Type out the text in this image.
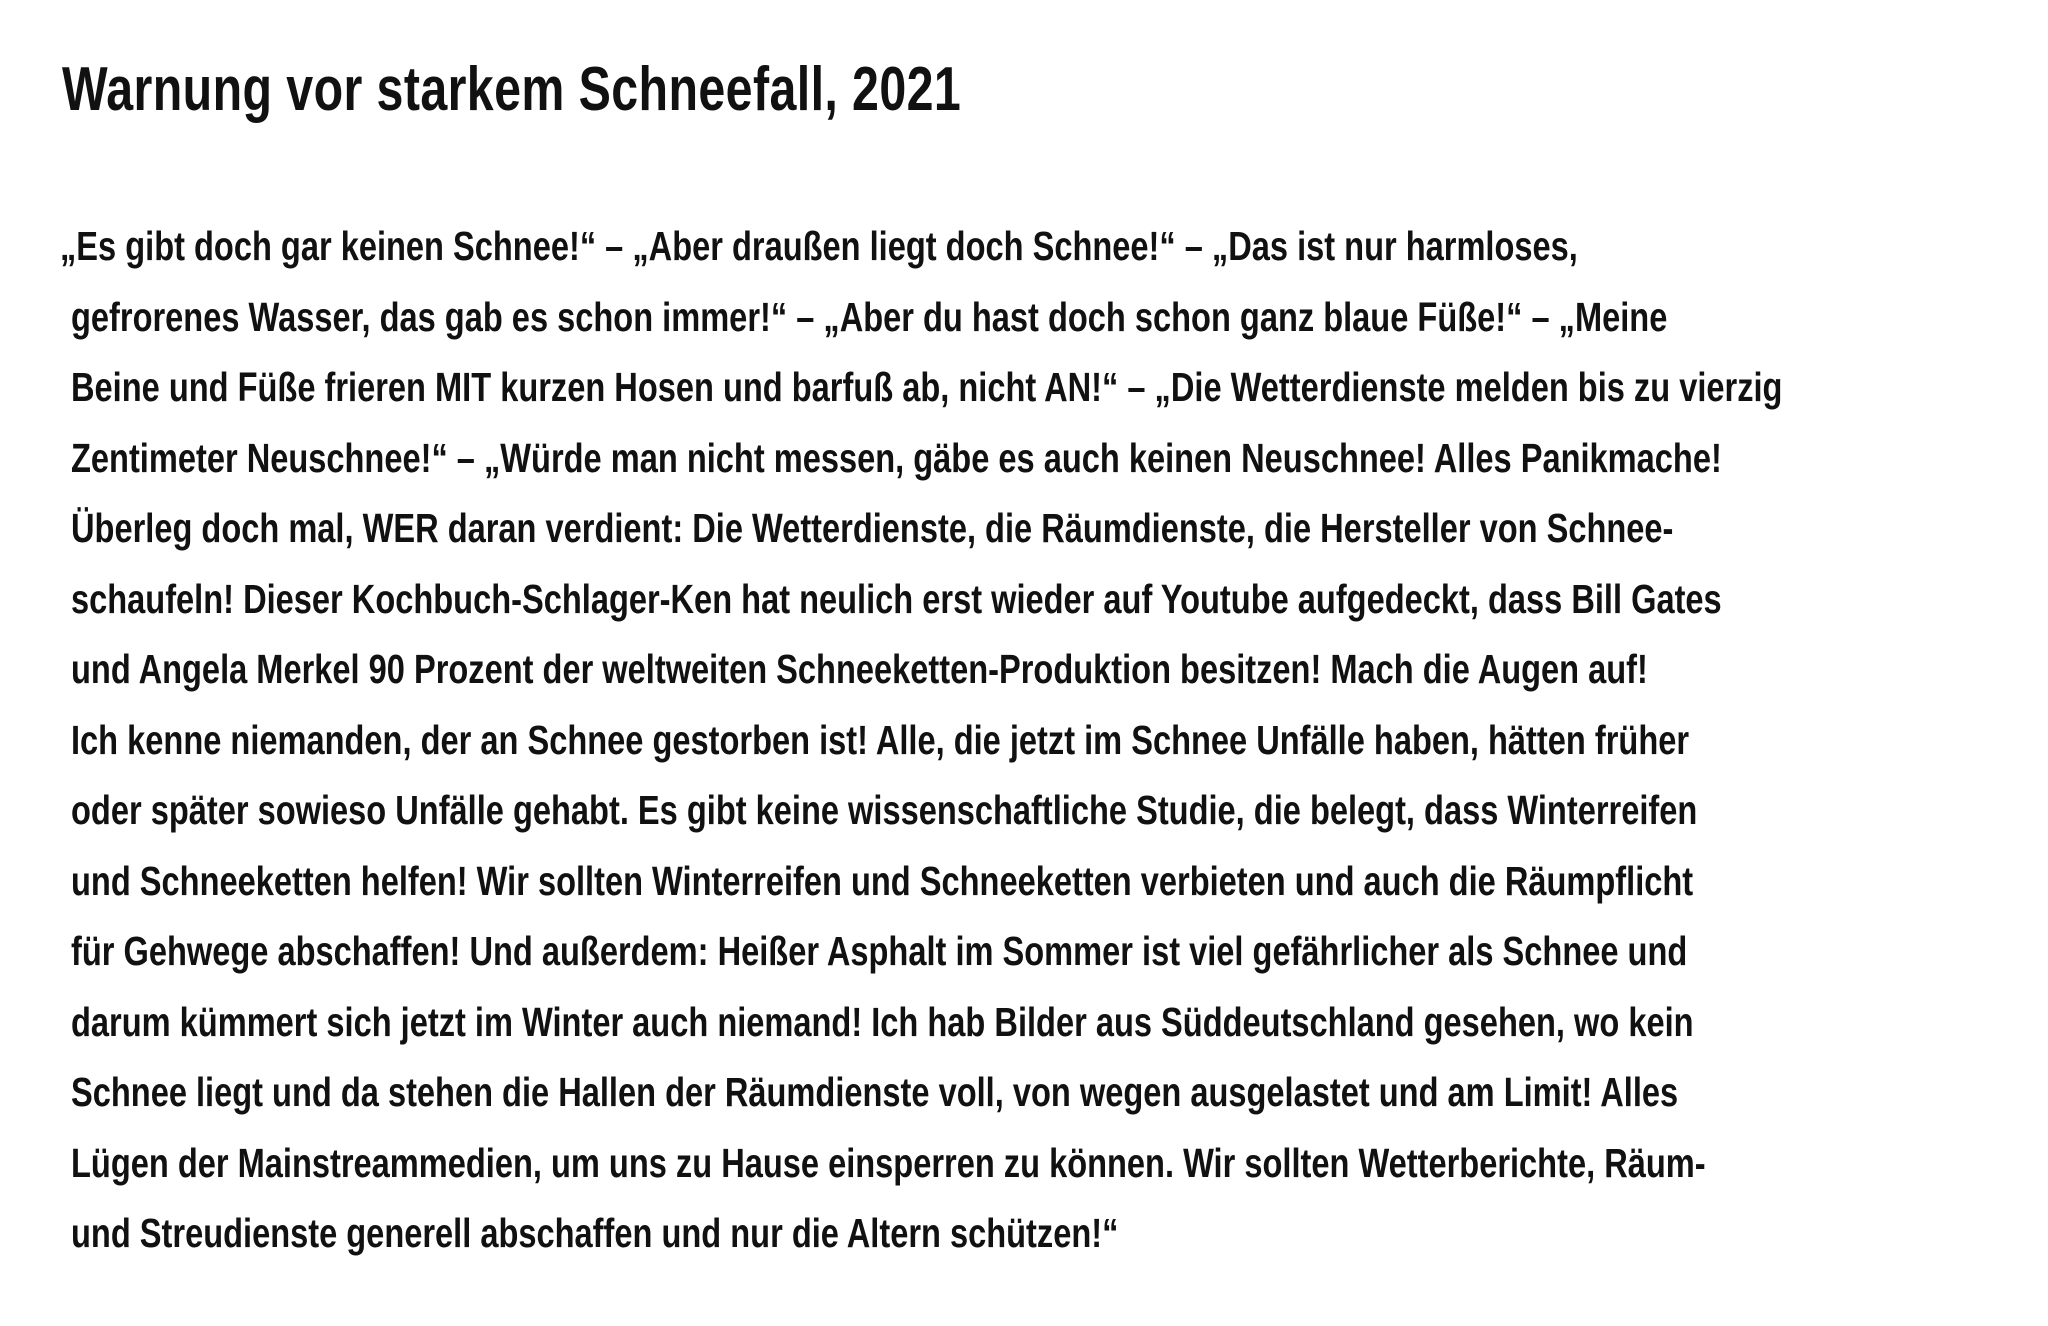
Warnung vor starkem Schneefall, 2021
„Es gibt doch gar keinen Schnee!“ – „Aber draußen liegt doch Schnee!“ – „Das ist nur harmloses,
gefrorenes Wasser, das gab es schon immer!“ – „Aber du hast doch schon ganz blaue Füße!“ – „Meine
Beine und Füße frieren MIT kurzen Hosen und barfuß ab, nicht AN!“ – „Die Wetterdienste melden bis zu vierzig
Zentimeter Neuschnee!“ – „Würde man nicht messen, gäbe es auch keinen Neuschnee! Alles Panikmache!
Überleg doch mal, WER daran verdient: Die Wetterdienste, die Räumdienste, die Hersteller von Schnee-
schaufeln! Dieser Kochbuch-Schlager-Ken hat neulich erst wieder auf Youtube aufgedeckt, dass Bill Gates
und Angela Merkel 90 Prozent der weltweiten Schneeketten-Produktion besitzen! Mach die Augen auf!
Ich kenne niemanden, der an Schnee gestorben ist! Alle, die jetzt im Schnee Unfälle haben, hätten früher
oder später sowieso Unfälle gehabt. Es gibt keine wissenschaftliche Studie, die belegt, dass Winterreifen
und Schneeketten helfen! Wir sollten Winterreifen und Schneeketten verbieten und auch die Räumpflicht
für Gehwege abschaffen! Und außerdem: Heißer Asphalt im Sommer ist viel gefährlicher als Schnee und
darum kümmert sich jetzt im Winter auch niemand! Ich hab Bilder aus Süddeutschland gesehen, wo kein
Schnee liegt und da stehen die Hallen der Räumdienste voll, von wegen ausgelastet und am Limit! Alles
Lügen der Mainstreammedien, um uns zu Hause einsperren zu können. Wir sollten Wetterberichte, Räum-
und Streudienste generell abschaffen und nur die Altern schützen!“
